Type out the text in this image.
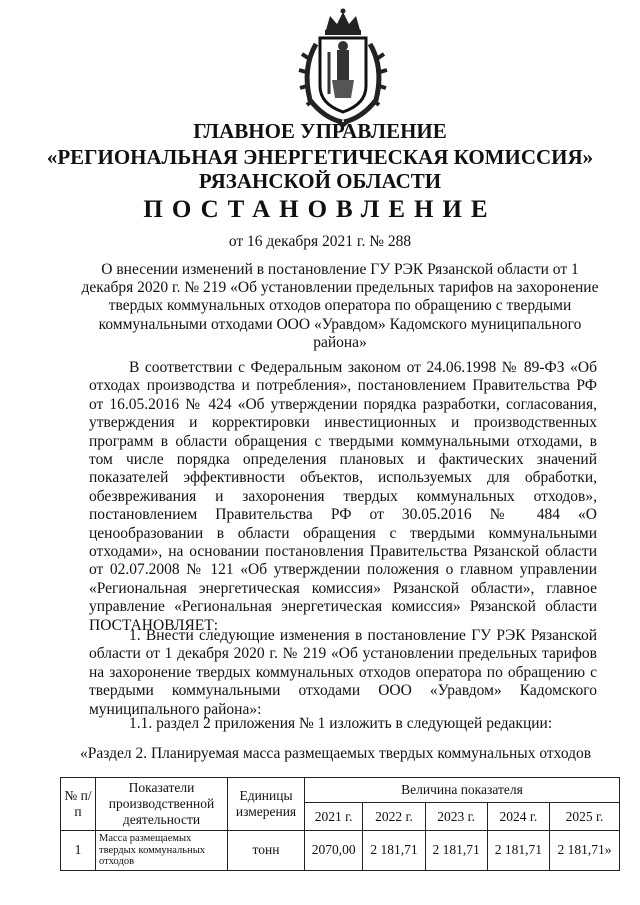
ГЛАВНОЕ УПРАВЛЕНИЕ
«РЕГИОНАЛЬНАЯ ЭНЕРГЕТИЧЕСКАЯ КОМИССИЯ»
РЯЗАНСКОЙ ОБЛАСТИ
ПОСТАНОВЛЕНИЕ
от 16 декабря 2021 г. № 288
О внесении изменений в постановление ГУ РЭК Рязанской области от 1 декабря 2020 г. № 219 «Об установлении предельных тарифов на захоронение твердых коммунальных отходов оператора по обращению с твердыми коммунальными отходами ООО «Уравдом» Кадомского муниципального района»

В соответствии с Федеральным законом от 24.06.1998 № 89-ФЗ «Об отходах производства и потребления», постановлением Правительства РФ от 16.05.2016 № 424 «Об утверждении порядка разработки, согласования, утверждения и корректировки инвестиционных и производственных программ в области обращения с твердыми коммунальными отходами, в том числе порядка определения плановых и фактических значений показателей эффективности объектов, используемых для обработки, обезвреживания и захоронения твердых коммунальных отходов», постановлением Правительства РФ от 30.05.2016 № 484 «О ценообразовании в области обращения с твердыми коммунальными отходами», на основании постановления Правительства Рязанской области от 02.07.2008 № 121 «Об утверждении положения о главном управлении «Региональная энергетическая комиссия» Рязанской области», главное управление «Региональная энергетическая комиссия» Рязанской области ПОСТАНОВЛЯЕТ:

1. Внести следующие изменения в постановление ГУ РЭК Рязанской области от 1 декабря 2020 г. № 219 «Об установлении предельных тарифов на захоронение твердых коммунальных отходов оператора по обращению с твердыми коммунальными отходами ООО «Уравдом» Кадомского муниципального района»:

1.1. раздел 2 приложения № 1 изложить в следующей редакции:

«Раздел 2. Планируемая масса размещаемых твердых коммунальных отходов

№ п/п	Показатели производственной деятельности	Единицы измерения	Величина показателя				
			2021 г.	2022 г.	2023 г.	2024 г.	2025 г.
1	Масса размещаемых твердых коммунальных отходов	тонн	2070,00	2 181,71	2 181,71	2 181,71	2 181,71»
